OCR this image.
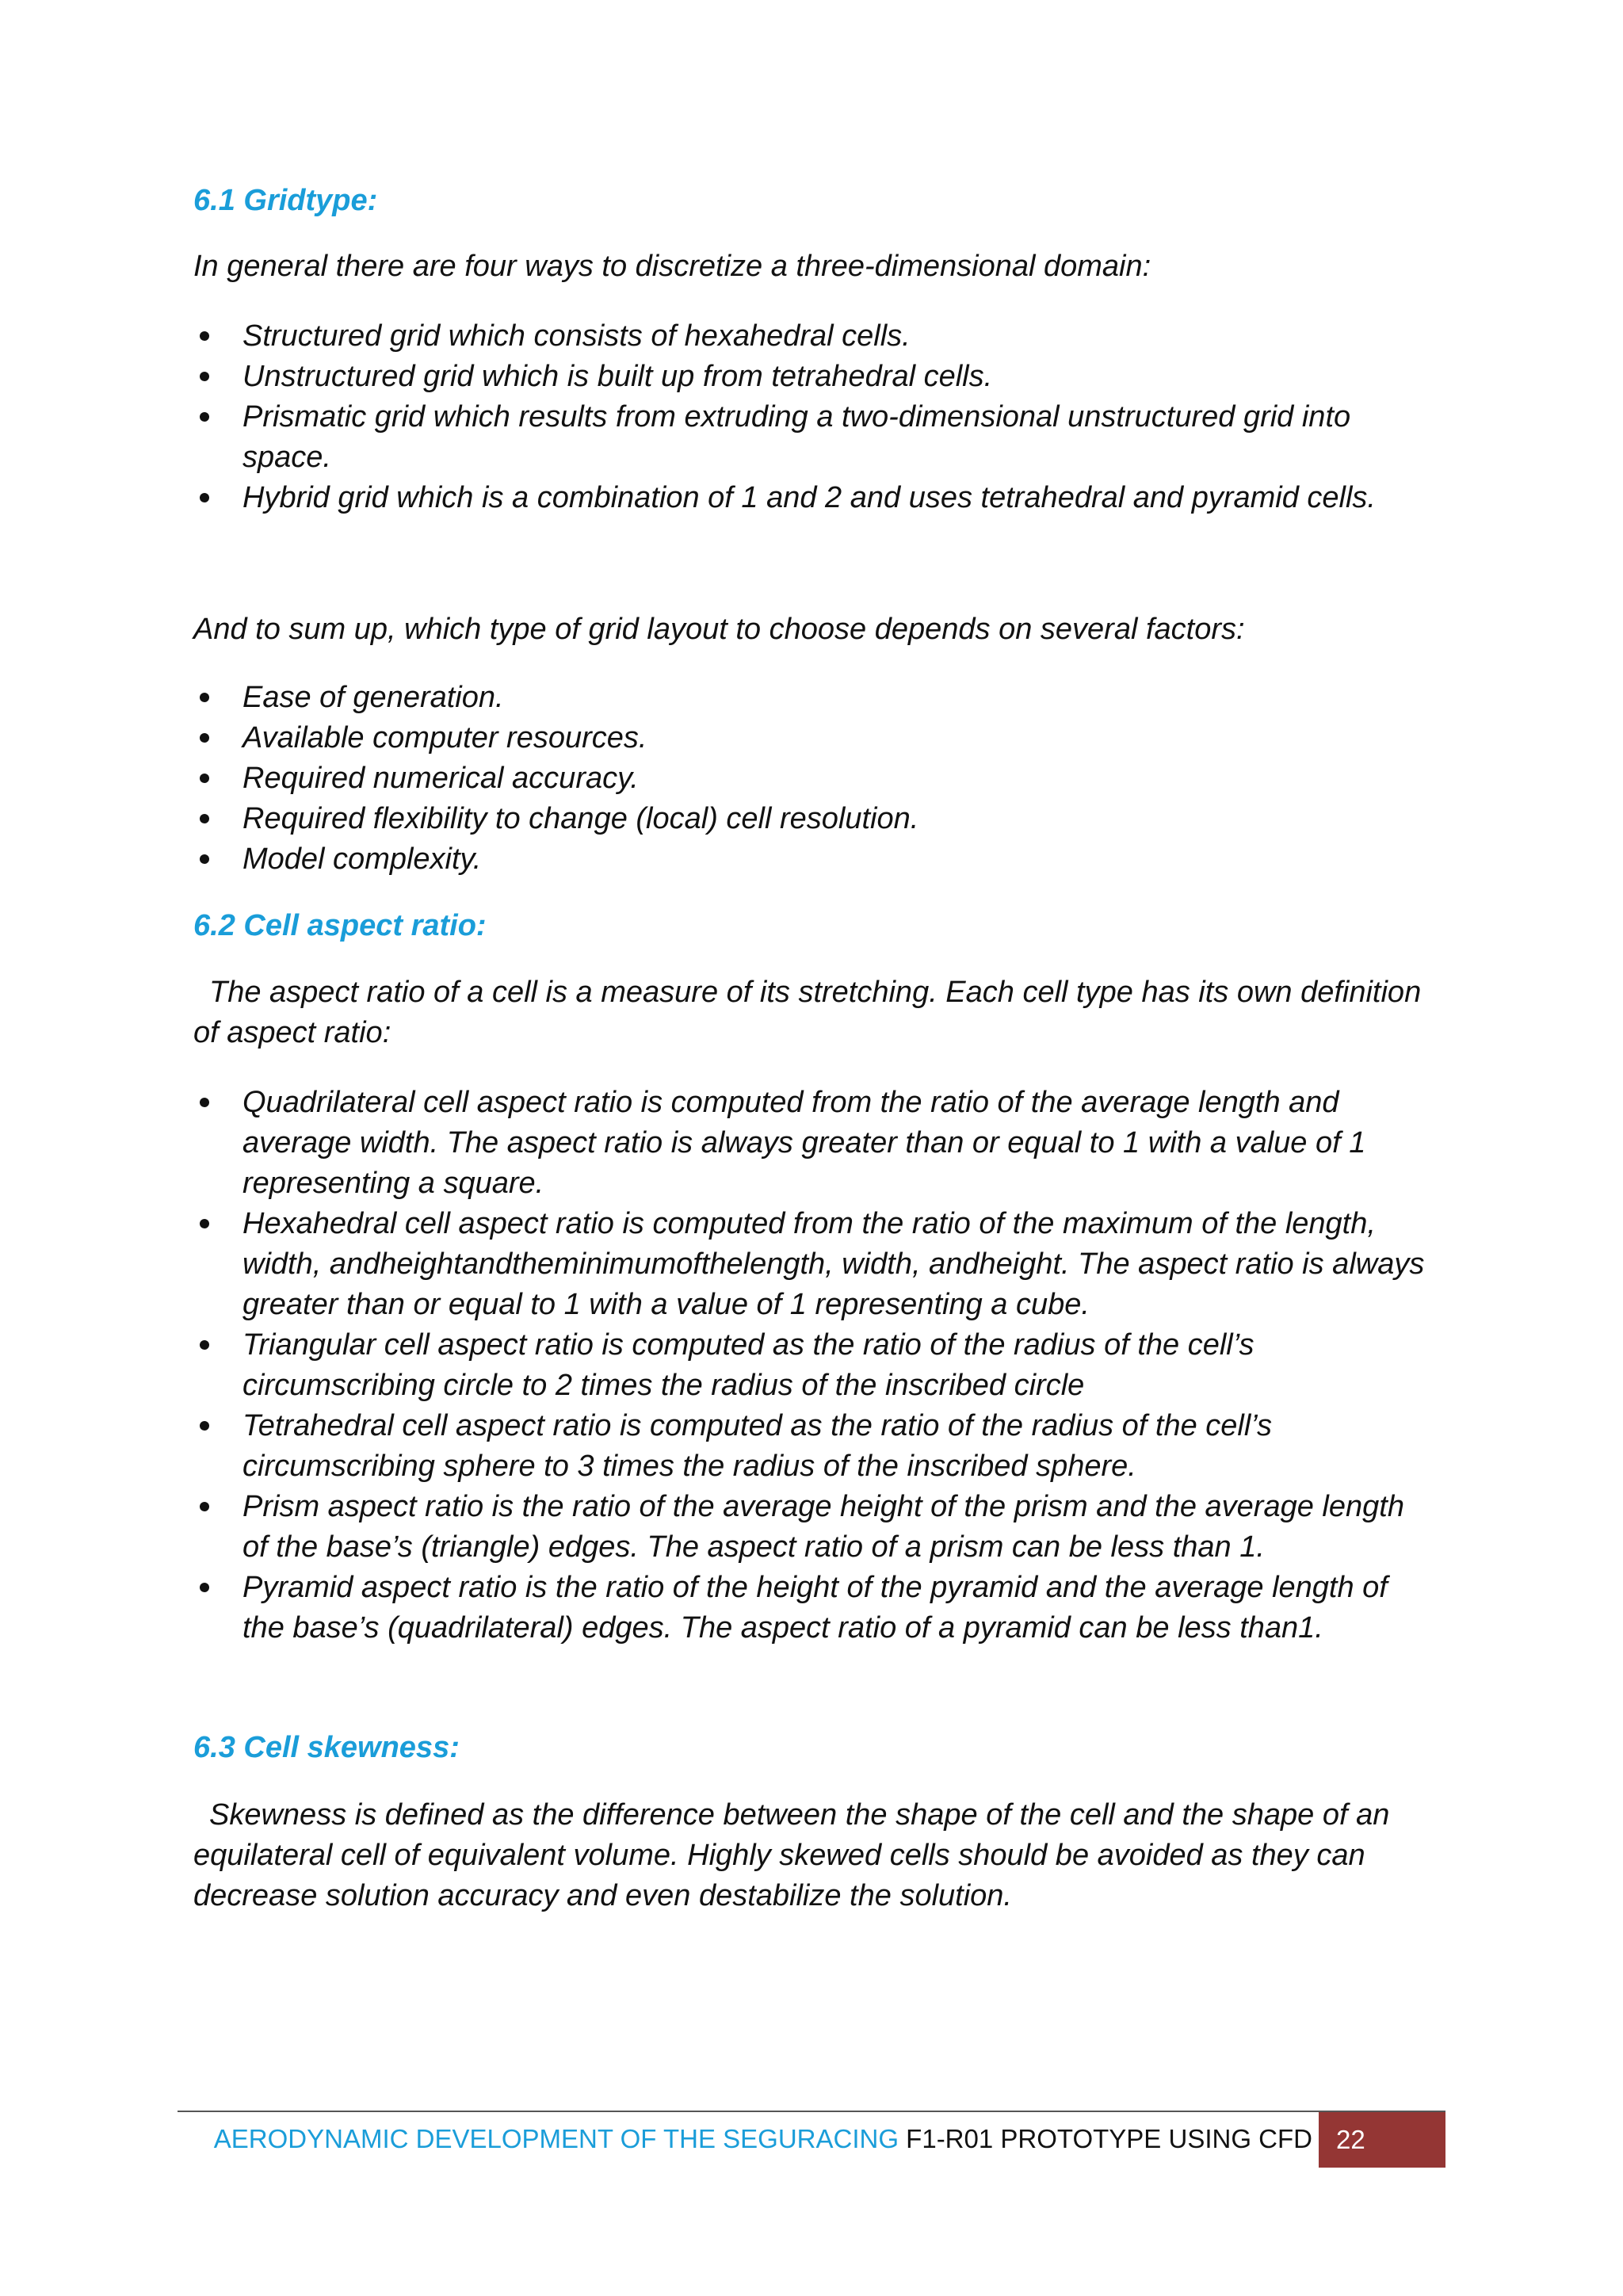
6.1 Gridtype:

In general there are four ways to discretize a three-dimensional domain:

Structured grid which consists of hexahedral cells.
Unstructured grid which is built up from tetrahedral cells.
Prismatic grid which results from extruding a two-dimensional unstructured grid into space.
Hybrid grid which is a combination of 1 and 2 and uses tetrahedral and pyramid cells.

And to sum up, which type of grid layout to choose depends on several factors:

Ease of generation.
Available computer resources.
Required numerical accuracy.
Required flexibility to change (local) cell resolution.
Model complexity.
6.2 Cell aspect ratio:

The aspect ratio of a cell is a measure of its stretching. Each cell type has its own definition of aspect ratio:

Quadrilateral cell aspect ratio is computed from the ratio of the average length and average width. The aspect ratio is always greater than or equal to 1 with a value of 1 representing a square.
Hexahedral cell aspect ratio is computed from the ratio of the maximum of the length, width, andheightandtheminimumofthelength, width, andheight. The aspect ratio is always greater than or equal to 1 with a value of 1 representing a cube.
Triangular cell aspect ratio is computed as the ratio of the radius of the cell’s circumscribing circle to 2 times the radius of the inscribed circle
Tetrahedral cell aspect ratio is computed as the ratio of the radius of the cell’s circumscribing sphere to 3 times the radius of the inscribed sphere.
Prism aspect ratio is the ratio of the average height of the prism and the average length of the base’s (triangle) edges. The aspect ratio of a prism can be less than 1.
Pyramid aspect ratio is the ratio of the height of the pyramid and the average length of the base’s (quadrilateral) edges. The aspect ratio of a pyramid can be less than1.
6.3 Cell skewness:

Skewness is defined as the difference between the shape of the cell and the shape of an equilateral cell of equivalent volume. Highly skewed cells should be avoided as they can decrease solution accuracy and even destabilize the solution.

AERODYNAMIC DEVELOPMENT OF THE SEGURACING F1-R01 PROTOTYPE USING CFD 22
